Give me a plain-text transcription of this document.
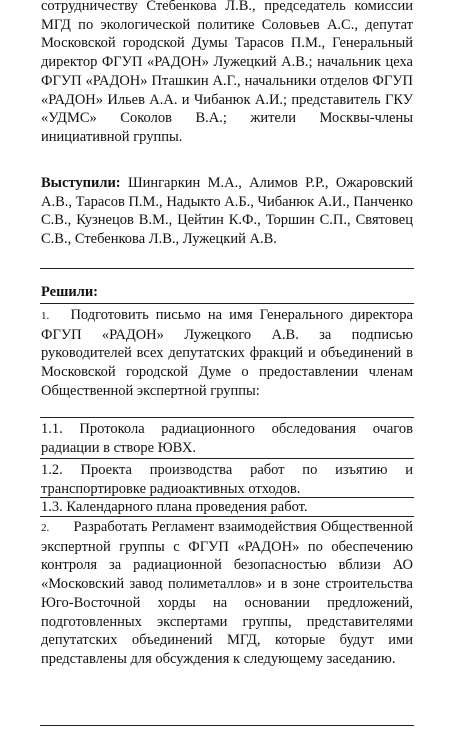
сотрудничеству Стебенкова Л.В., председатель комиссии МГД по экологической политике Соловьев А.С., депутат Московской городской Думы Тарасов П.М., Генеральный директор ФГУП «РАДОН» Лужецкий А.В.; начальник цеха ФГУП «РАДОН» Пташкин А.Г., начальники отделов ФГУП «РАДОН» Ильев А.А. и Чибанюк А.И.; представитель ГКУ «УДМС» Соколов В.А.; жители Москвы-члены инициативной группы.
Выступили: Шингаркин М.А., Алимов Р.Р., Ожаровский А.В., Тарасов П.М., Надыкто А.Б., Чибанюк А.И., Панченко С.В., Кузнецов В.М., Цейтин К.Ф., Торшин С.П., Святовец С.В., Стебенкова Л.В., Лужецкий А.В.
Решили:
1. Подготовить письмо на имя Генерального директора ФГУП «РАДОН» Лужецкого А.В. за подписью руководителей всех депутатских фракций и объединений в Московской городской Думе о предоставлении членам Общественной экспертной группы:
1.1. Протокола радиационного обследования очагов радиации в створе ЮВХ.
1.2. Проекта производства работ по изъятию и транспортировке радиоактивных отходов.
1.3. Календарного плана проведения работ.
2. Разработать Регламент взаимодействия Общественной экспертной группы с ФГУП «РАДОН» по обеспечению контроля за радиационной безопасностью вблизи АО «Московский завод полиметаллов» и в зоне строительства Юго-Восточной хорды на основании предложений, подготовленных экспертами группы, представителями депутатских объединений МГД, которые будут ими представлены для обсуждения к следующему заседанию.
